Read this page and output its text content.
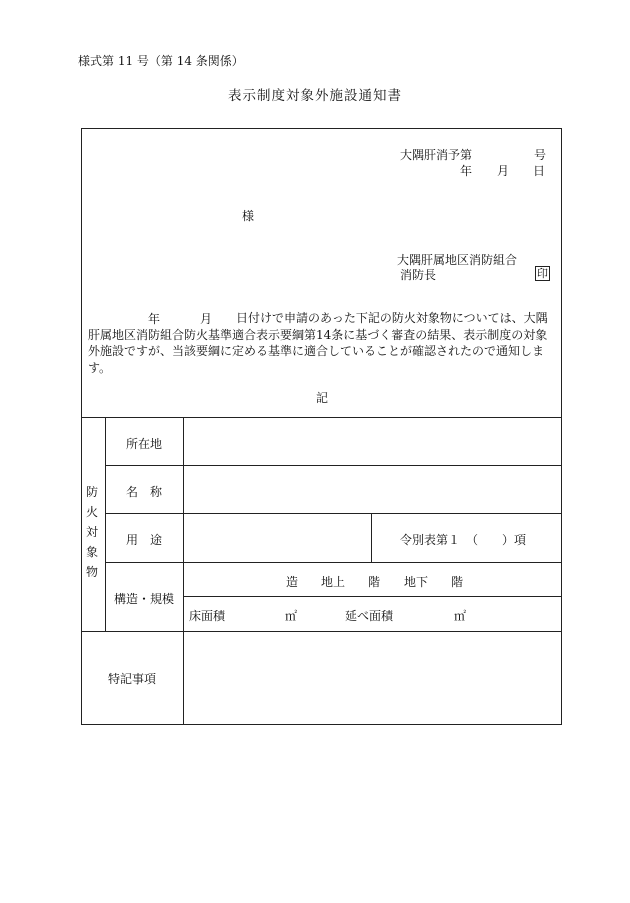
様式第 11 号（第 14 条関係）
表示制度対象外施設通知書
大隅肝消予第	号
年 月 日
様
大隅肝属地区消防組合
消防長	印
年	月	日付けで申請のあった下記の防火対象物については、大隅肝属地区消防組合防火基準適合表示要綱第14条に基づく審査の結果、表示制度の対象外施設ですが、当該要綱に定める基準に適合していることが確認されたので通知します。
記
防火対象物
所在地
名　称
用　途	令別表第１　（　　）項
構造・規模
造 地上 階 地下 階
床面積	㎡	延べ面積	㎡
特記事項
